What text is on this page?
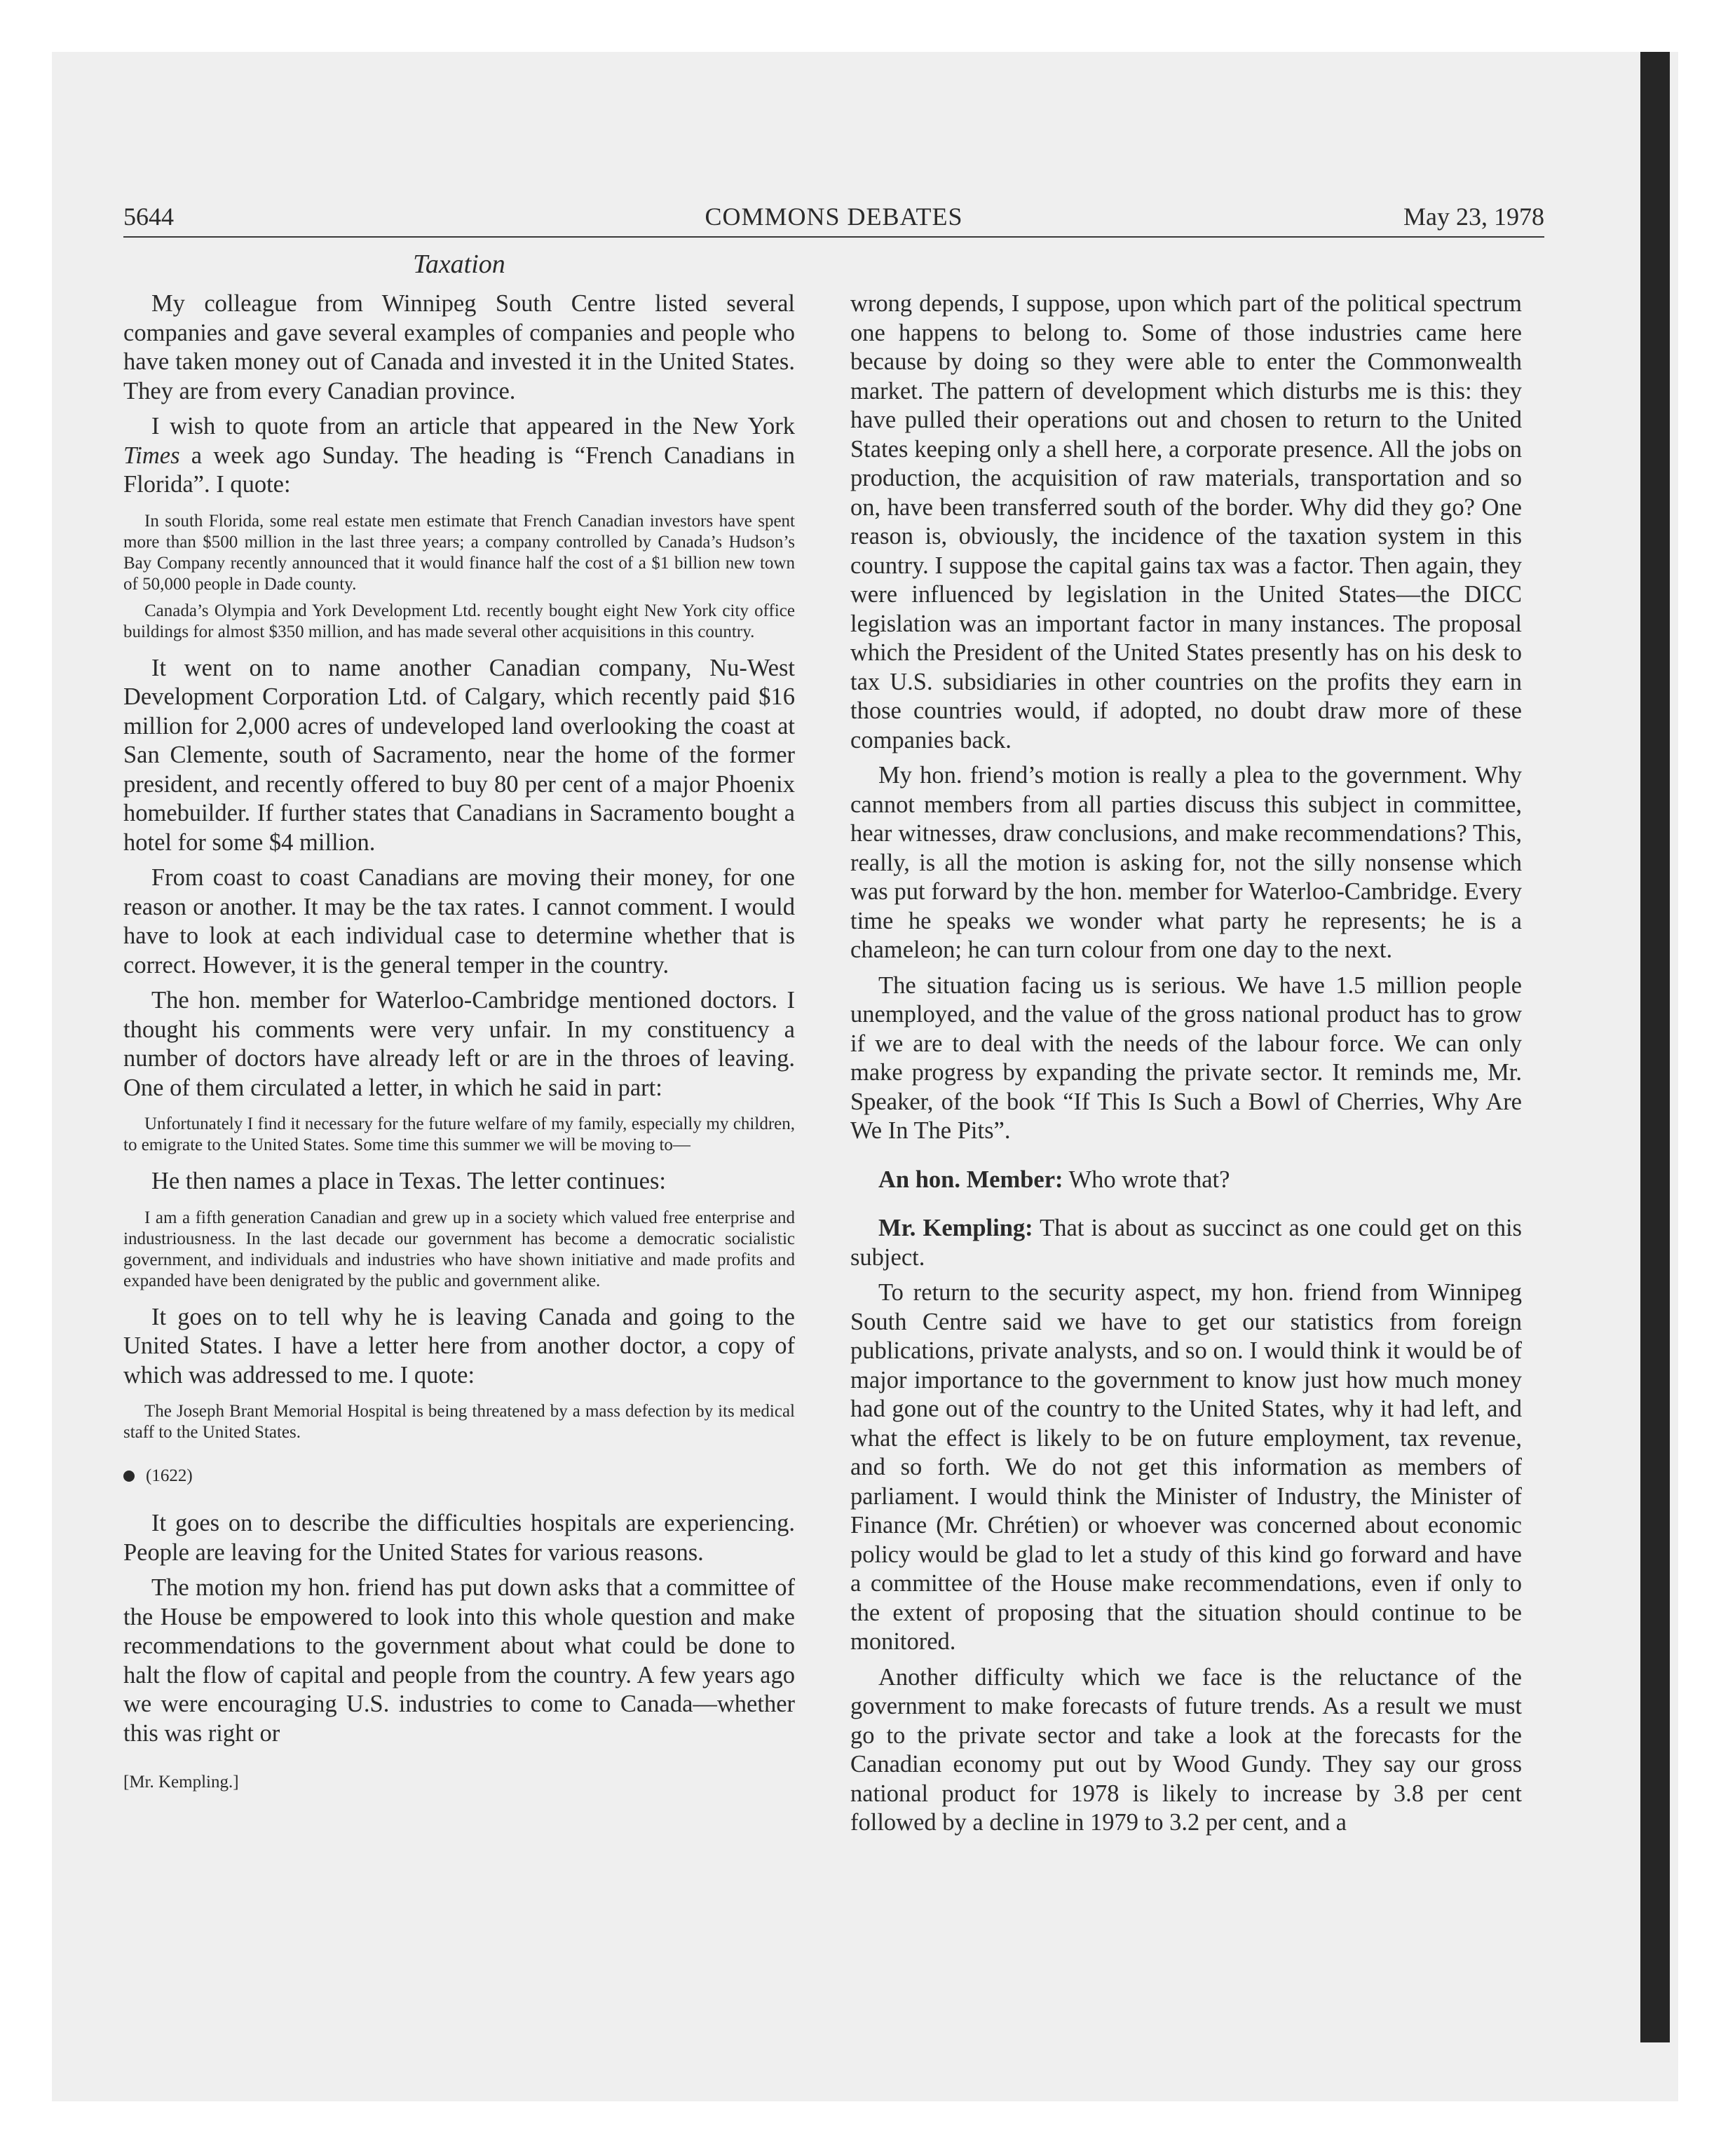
5644	COMMONS DEBATES	May 23, 1978
Taxation

My colleague from Winnipeg South Centre listed several companies and gave several examples of companies and people who have taken money out of Canada and invested it in the United States. They are from every Canadian province.

I wish to quote from an article that appeared in the New York Times a week ago Sunday. The heading is “French Canadians in Florida”. I quote:

In south Florida, some real estate men estimate that French Canadian investors have spent more than $500 million in the last three years; a company controlled by Canada’s Hudson’s Bay Company recently announced that it would finance half the cost of a $1 billion new town of 50,000 people in Dade county.

Canada’s Olympia and York Development Ltd. recently bought eight New York city office buildings for almost $350 million, and has made several other acquisitions in this country.

It went on to name another Canadian company, Nu-West Development Corporation Ltd. of Calgary, which recently paid $16 million for 2,000 acres of undeveloped land overlooking the coast at San Clemente, south of Sacramento, near the home of the former president, and recently offered to buy 80 per cent of a major Phoenix homebuilder. If further states that Canadians in Sacramento bought a hotel for some $4 million.

From coast to coast Canadians are moving their money, for one reason or another. It may be the tax rates. I cannot comment. I would have to look at each individual case to determine whether that is correct. However, it is the general temper in the country.

The hon. member for Waterloo-Cambridge mentioned doctors. I thought his comments were very unfair. In my constituency a number of doctors have already left or are in the throes of leaving. One of them circulated a letter, in which he said in part:

Unfortunately I find it necessary for the future welfare of my family, especially my children, to emigrate to the United States. Some time this summer we will be moving to—

He then names a place in Texas. The letter continues:

I am a fifth generation Canadian and grew up in a society which valued free enterprise and industriousness. In the last decade our government has become a democratic socialistic government, and individuals and industries who have shown initiative and made profits and expanded have been denigrated by the public and government alike.

It goes on to tell why he is leaving Canada and going to the United States. I have a letter here from another doctor, a copy of which was addressed to me. I quote:

The Joseph Brant Memorial Hospital is being threatened by a mass defection by its medical staff to the United States.

(1622)

It goes on to describe the difficulties hospitals are experiencing. People are leaving for the United States for various reasons.

The motion my hon. friend has put down asks that a committee of the House be empowered to look into this whole question and make recommendations to the government about what could be done to halt the flow of capital and people from the country. A few years ago we were encouraging U.S. industries to come to Canada—whether this was right or

[Mr. Kempling.]

wrong depends, I suppose, upon which part of the political spectrum one happens to belong to. Some of those industries came here because by doing so they were able to enter the Commonwealth market. The pattern of development which disturbs me is this: they have pulled their operations out and chosen to return to the United States keeping only a shell here, a corporate presence. All the jobs on production, the acquisition of raw materials, transportation and so on, have been transferred south of the border. Why did they go? One reason is, obviously, the incidence of the taxation system in this country. I suppose the capital gains tax was a factor. Then again, they were influenced by legislation in the United States—the DICC legislation was an important factor in many instances. The proposal which the President of the United States presently has on his desk to tax U.S. subsidiaries in other countries on the profits they earn in those countries would, if adopted, no doubt draw more of these companies back.

My hon. friend’s motion is really a plea to the government. Why cannot members from all parties discuss this subject in committee, hear witnesses, draw conclusions, and make recommendations? This, really, is all the motion is asking for, not the silly nonsense which was put forward by the hon. member for Waterloo-Cambridge. Every time he speaks we wonder what party he represents; he is a chameleon; he can turn colour from one day to the next.

The situation facing us is serious. We have 1.5 million people unemployed, and the value of the gross national product has to grow if we are to deal with the needs of the labour force. We can only make progress by expanding the private sector. It reminds me, Mr. Speaker, of the book “If This Is Such a Bowl of Cherries, Why Are We In The Pits”.

An hon. Member: Who wrote that?

Mr. Kempling: That is about as succinct as one could get on this subject.

To return to the security aspect, my hon. friend from Winnipeg South Centre said we have to get our statistics from foreign publications, private analysts, and so on. I would think it would be of major importance to the government to know just how much money had gone out of the country to the United States, why it had left, and what the effect is likely to be on future employment, tax revenue, and so forth. We do not get this information as members of parliament. I would think the Minister of Industry, the Minister of Finance (Mr. Chrétien) or whoever was concerned about economic policy would be glad to let a study of this kind go forward and have a committee of the House make recommendations, even if only to the extent of proposing that the situation should continue to be monitored.

Another difficulty which we face is the reluctance of the government to make forecasts of future trends. As a result we must go to the private sector and take a look at the forecasts for the Canadian economy put out by Wood Gundy. They say our gross national product for 1978 is likely to increase by 3.8 per cent followed by a decline in 1979 to 3.2 per cent, and a
